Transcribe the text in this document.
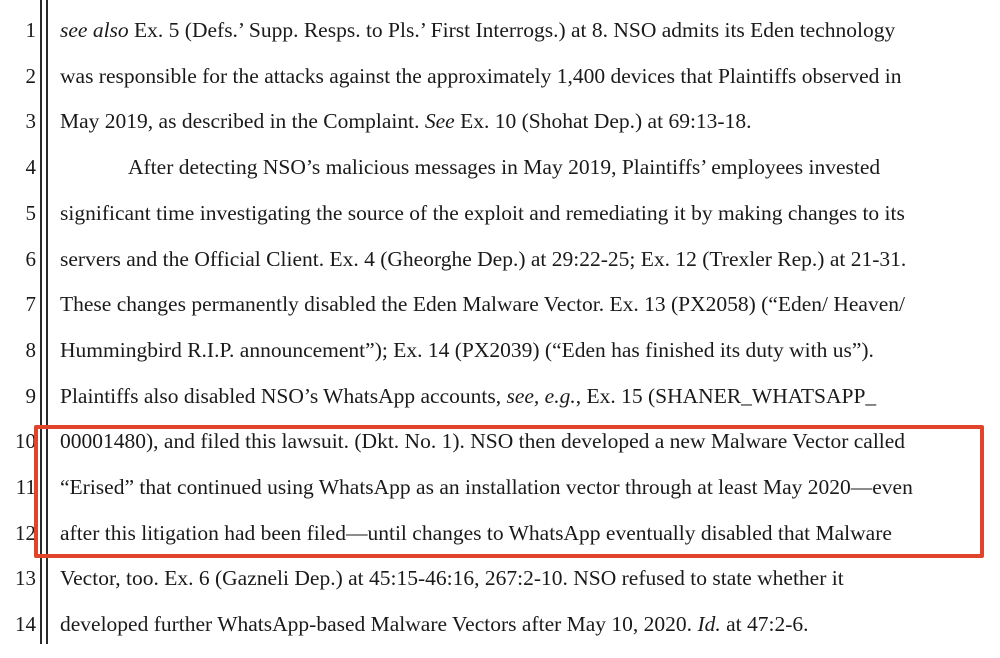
1 see also Ex. 5 (Defs.’ Supp. Resps. to Pls.’ First Interrogs.) at 8. NSO admits its Eden technology
2 was responsible for the attacks against the approximately 1,400 devices that Plaintiffs observed in
3 May 2019, as described in the Complaint. See Ex. 10 (Shohat Dep.) at 69:13-18.
4	After detecting NSO’s malicious messages in May 2019, Plaintiffs’ employees invested
5 significant time investigating the source of the exploit and remediating it by making changes to its
6 servers and the Official Client. Ex. 4 (Gheorghe Dep.) at 29:22-25; Ex. 12 (Trexler Rep.) at 21-31.
7 These changes permanently disabled the Eden Malware Vector. Ex. 13 (PX2058) (“Eden/ Heaven/
8 Hummingbird R.I.P. announcement”); Ex. 14 (PX2039) (“Eden has finished its duty with us”).
9 Plaintiffs also disabled NSO’s WhatsApp accounts, see, e.g., Ex. 15 (SHANER_WHATSAPP_
10 00001480), and filed this lawsuit. (Dkt. No. 1). NSO then developed a new Malware Vector called
11 “Erised” that continued using WhatsApp as an installation vector through at least May 2020—even
12 after this litigation had been filed—until changes to WhatsApp eventually disabled that Malware
13 Vector, too. Ex. 6 (Gazneli Dep.) at 45:15-46:16, 267:2-10. NSO refused to state whether it
14 developed further WhatsApp-based Malware Vectors after May 10, 2020. Id. at 47:2-6.
